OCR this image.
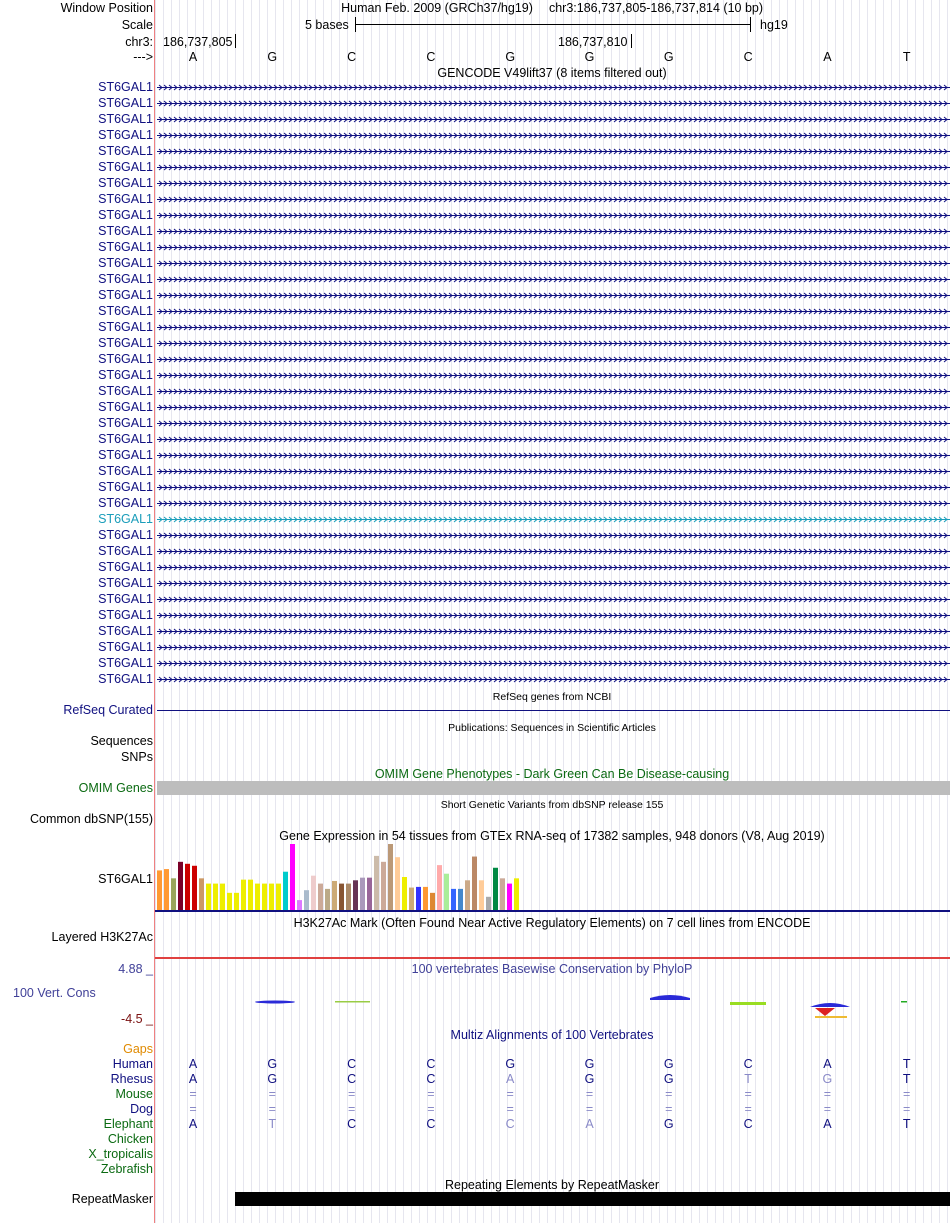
Window Position	Human Feb. 2009 (GRCh37/hg19) chr3:186,737,805-186,737,814 (10 bp)
Scale	5 bases	hg19
chr3: 186,737,805	186,737,810
--->	A	G	C	C	G	G	G	C	A	T
GENCODE V49lift37 (8 items filtered out)
ST6GAL1
ST6GAL1
ST6GAL1
ST6GAL1
ST6GAL1
ST6GAL1
ST6GAL1
ST6GAL1
ST6GAL1
ST6GAL1
ST6GAL1
ST6GAL1
ST6GAL1
ST6GAL1
ST6GAL1
ST6GAL1
ST6GAL1
ST6GAL1
ST6GAL1
ST6GAL1
ST6GAL1
ST6GAL1
ST6GAL1
ST6GAL1
ST6GAL1
ST6GAL1
ST6GAL1
ST6GAL1
ST6GAL1
ST6GAL1
ST6GAL1
ST6GAL1
ST6GAL1
ST6GAL1
ST6GAL1
ST6GAL1
ST6GAL1
ST6GAL1
RefSeq genes from NCBI
RefSeq Curated
Publications: Sequences in Scientific Articles
Sequences
SNPs
OMIM Gene Phenotypes - Dark Green Can Be Disease-causing
OMIM Genes
Short Genetic Variants from dbSNP release 155
Common dbSNP(155)
Gene Expression in 54 tissues from GTEx RNA-seq of 17382 samples, 948 donors (V8, Aug 2019)
ST6GAL1
H3K27Ac Mark (Often Found Near Active Regulatory Elements) on 7 cell lines from ENCODE
Layered H3K27Ac
100 vertebrates Basewise Conservation by PhyloP
4.88 _
100 Vert. Cons
-4.5 _
Multiz Alignments of 100 Vertebrates
Gaps
Human	A	G	C	C	G	G	G	C	A	T
Rhesus	A	G	C	C	A	G	G	T	G	T
Mouse	=	=	=	=	=	=	=	=	=	=
Dog	=	=	=	=	=	=	=	=	=	=
Elephant	A	T	C	C	C	A	G	C	A	T
Chicken
X_tropicalis
Zebrafish
Repeating Elements by RepeatMasker
RepeatMasker
